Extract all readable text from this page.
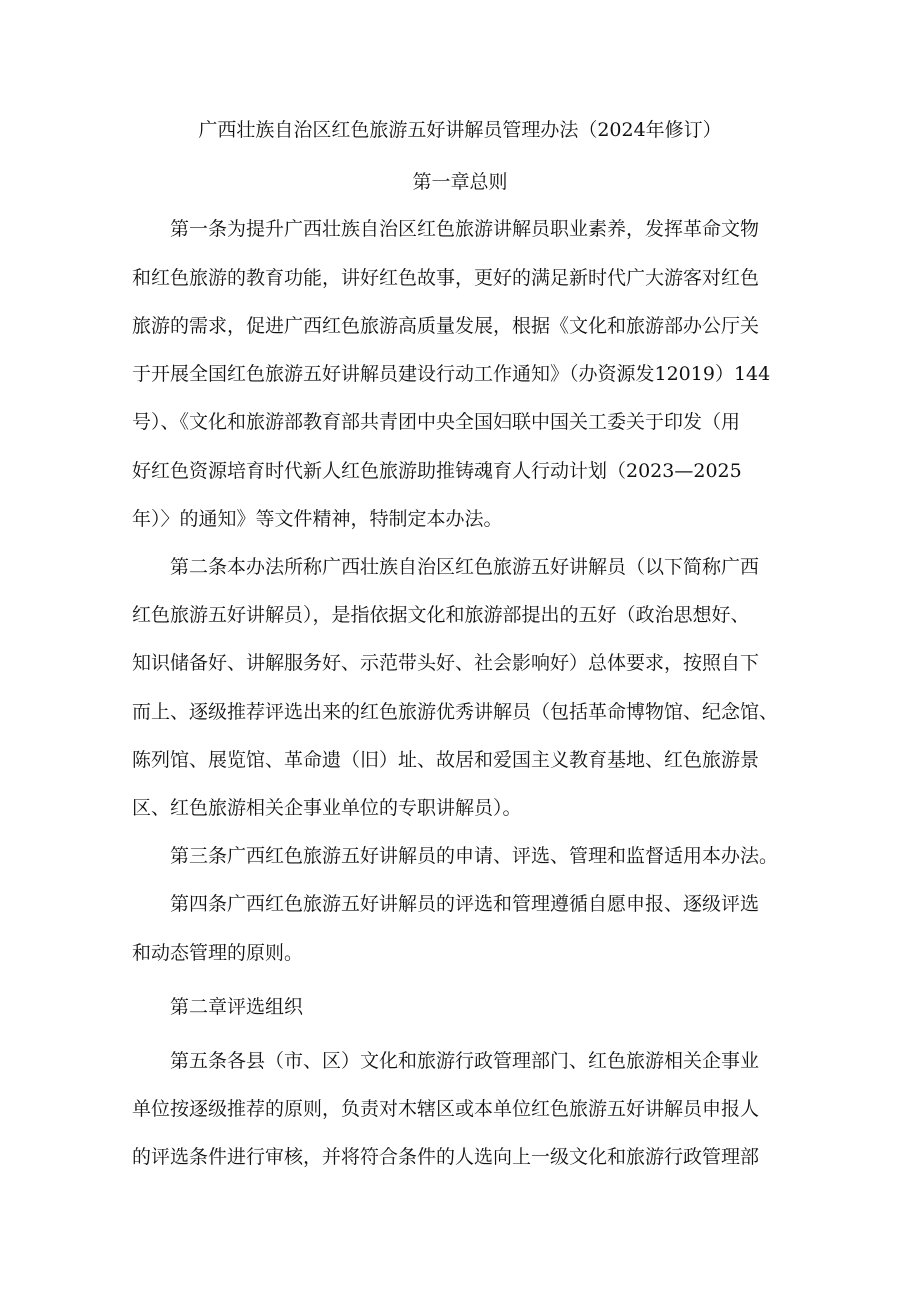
广西壮族自治区红色旅游五好讲解员管理办法（2024年修订）
第一章总则
第一条为提升广西壮族自治区红色旅游讲解员职业素养，发挥革命文物
和红色旅游的教育功能，讲好红色故事，更好的满足新时代广大游客对红色
旅游的需求，促进广西红色旅游高质量发展，根据《文化和旅游部办公厅关
于开展全国红色旅游五好讲解员建设行动工作通知》（办资源发12019）144
号）、《文化和旅游部教育部共青团中央全国妇联中国关工委关于印发（用
好红色资源培育时代新人红色旅游助推铸魂育人行动计划（2023—2025
年）〉的通知》等文件精神，特制定本办法。
第二条本办法所称广西壮族自治区红色旅游五好讲解员（以下简称广西
红色旅游五好讲解员），是指依据文化和旅游部提出的五好（政治思想好、
知识储备好、讲解服务好、示范带头好、社会影响好）总体要求，按照自下
而上、逐级推荐评选出来的红色旅游优秀讲解员（包括革命博物馆、纪念馆、
陈列馆、展览馆、革命遗（旧）址、故居和爱国主义教育基地、红色旅游景
区、红色旅游相关企事业单位的专职讲解员）。
第三条广西红色旅游五好讲解员的申请、评选、管理和监督适用本办法。
第四条广西红色旅游五好讲解员的评选和管理遵循自愿申报、逐级评选
和动态管理的原则。
第二章评选组织
第五条各县（市、区）文化和旅游行政管理部门、红色旅游相关企事业
单位按逐级推荐的原则，负责对木辖区或本单位红色旅游五好讲解员申报人
的评选条件进行审核，并将符合条件的人选向上一级文化和旅游行政管理部
